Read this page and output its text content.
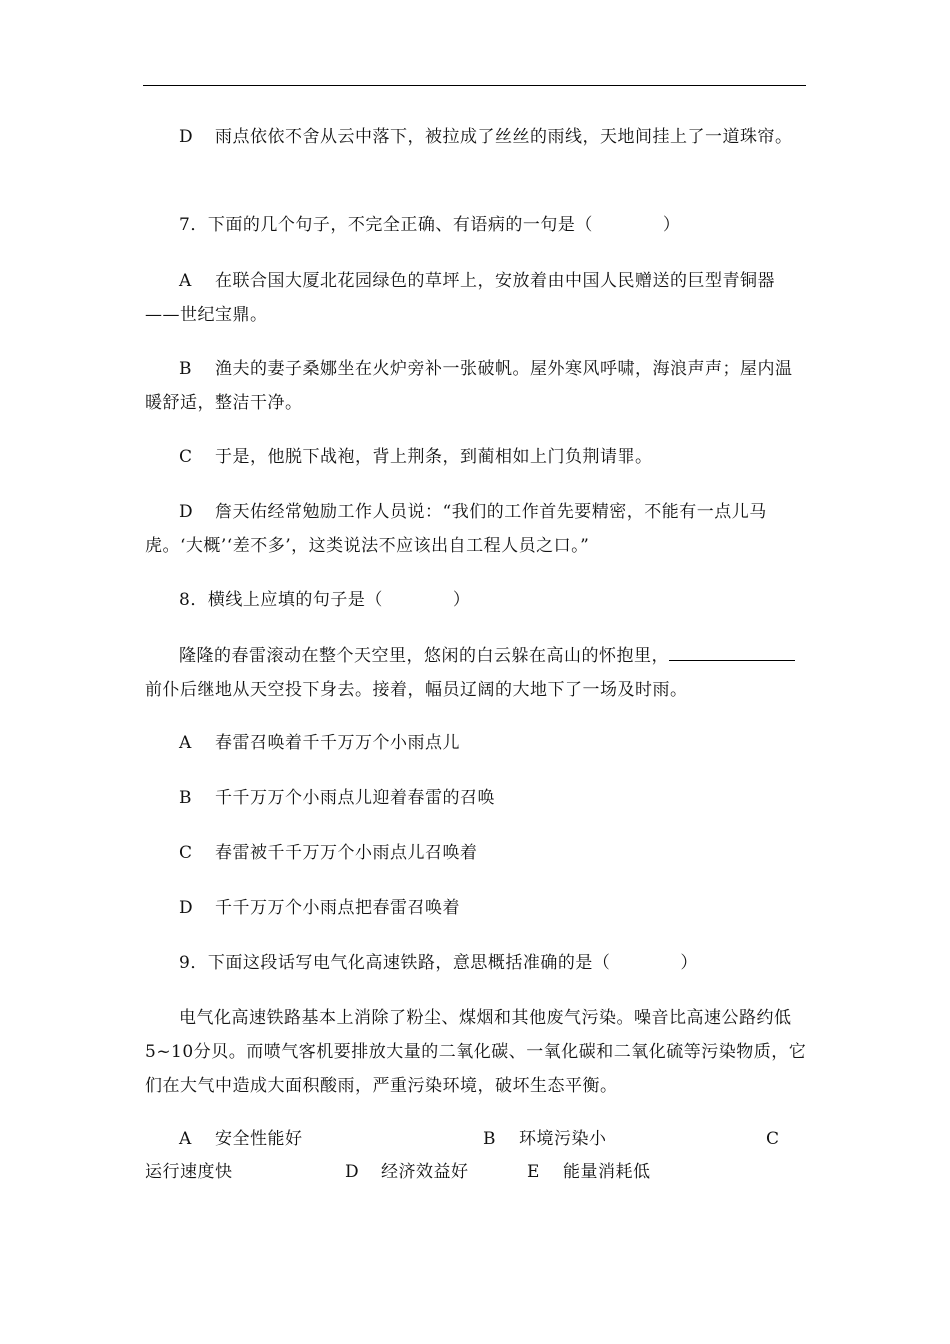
D 雨点依依不舍从云中落下，被拉成了丝丝的雨线，天地间挂上了一道珠帘。

7．下面的几个句子，不完全正确、有语病的一句是（	）

A 在联合国大厦北花园绿色的草坪上，安放着由中国人民赠送的巨型青铜器——世纪宝鼎。

B 渔夫的妻子桑娜坐在火炉旁补一张破帆。屋外寒风呼啸，海浪声声；屋内温暖舒适，整洁干净。

C 于是，他脱下战袍，背上荆条，到蔺相如上门负荆请罪。

D 詹天佑经常勉励工作人员说：“我们的工作首先要精密，不能有一点儿马虎。‘大概’‘差不多’，这类说法不应该出自工程人员之口。”

8．横线上应填的句子是（	）

隆隆的春雷滚动在整个天空里，悠闲的白云躲在高山的怀抱里，前仆后继地从天空投下身去。接着，幅员辽阔的大地下了一场及时雨。

A 春雷召唤着千千万万个小雨点儿

B 千千万万个小雨点儿迎着春雷的召唤

C 春雷被千千万万个小雨点儿召唤着

D 千千万万个小雨点把春雷召唤着

9．下面这段话写电气化高速铁路，意思概括准确的是（	）

电气化高速铁路基本上消除了粉尘、煤烟和其他废气污染。噪音比高速公路约低5~10分贝。而喷气客机要排放大量的二氧化碳、一氧化碳和二氧化硫等污染物质，它们在大气中造成大面积酸雨，严重污染环境，破坏生态平衡。

A 安全性能好	B 环境污染小	C
运行速度快	D 经济效益好	E 能量消耗低
